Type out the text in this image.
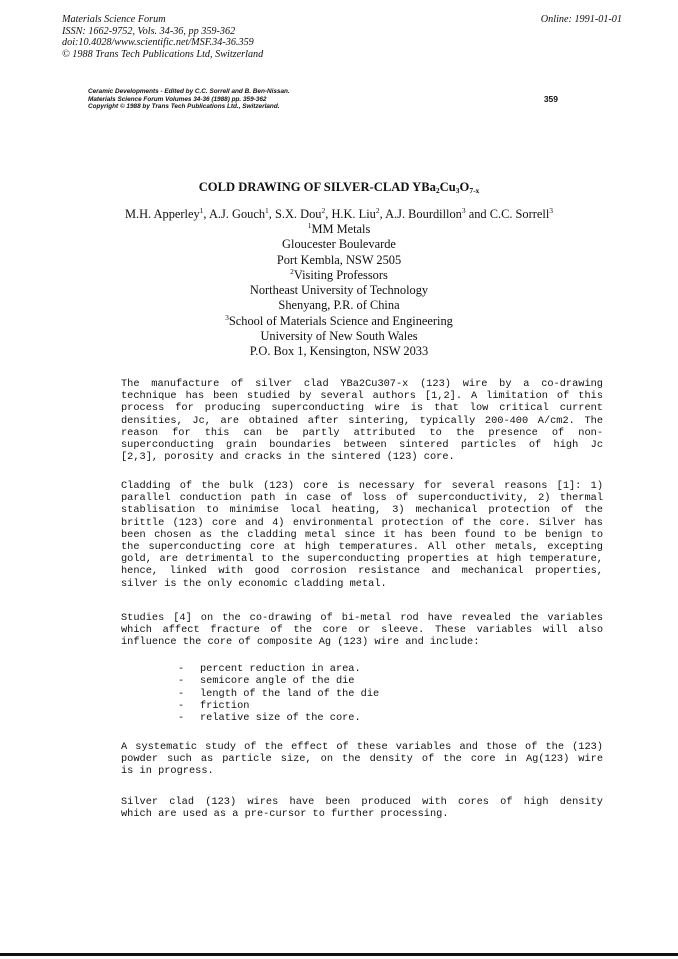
Materials Science Forum
ISSN: 1662-9752, Vols. 34-36, pp 359-362
doi:10.4028/www.scientific.net/MSF.34-36.359
© 1988 Trans Tech Publications Ltd, Switzerland
Online: 1991-01-01
Ceramic Developments - Edited by C.C. Sorrell and B. Ben-Nissan.
Materials Science Forum Volumes 34-36 (1988) pp. 359-362
Copyright © 1988 by Trans Tech Publications Ltd., Switzerland.
359
COLD DRAWING OF SILVER-CLAD $YBa_2Cu_3O_{7-x}$
M.H. Apperley$^1$, A.J. Gouch$^1$, S.X. Dou$^2$, H.K. Liu$^2$, A.J. Bourdillon$^3$ and C.C. Sorrell$^3$
$^1$MM Metals
Gloucester Boulevarde
Port Kembla, NSW 2505
$^2$Visiting Professors
Northeast University of Technology
Shenyang, P.R. of China
$^3$School of Materials Science and Engineering
University of New South Wales
P.O. Box 1, Kensington, NSW 2033
The manufacture of silver clad YBa2Cu307-x (123) wire by a co-drawing
technique has been studied by several authors [1,2]. A limitation of this
process for producing superconducting wire is that low critical current
densities, Jc, are obtained after sintering, typically 200-400 A/cm2. The
reason for this can be partly attributed to the presence of non-
superconducting grain boundaries between sintered particles of high Jc
[2,3], porosity and cracks in the sintered (123) core.
Cladding of the bulk (123) core is necessary for several reasons [1]: 1)
parallel conduction path in case of loss of superconductivity, 2) thermal
stablisation to minimise local heating, 3) mechanical protection of the
brittle (123) core and 4) environmental protection of the core. Silver has
been chosen as the cladding metal since it has been found to be benign to
the superconducting core at high temperatures. All other metals, excepting
gold, are detrimental to the superconducting properties at high temperature,
hence, linked with good corrosion resistance and mechanical properties,
silver is the only economic cladding metal.
Studies [4] on the co-drawing of bi-metal rod have revealed the variables
which affect fracture of the core or sleeve. These variables will also
influence the core of composite Ag (123) wire and include:
- percent reduction in area.
- semicore angle of the die
- length of the land of the die
- friction
- relative size of the core.
A systematic study of the effect of these variables and those of the (123)
powder such as particle size, on the density of the core in Ag(123) wire
is in progress.
Silver clad (123) wires have been produced with cores of high density
which are used as a pre-cursor to further processing.
